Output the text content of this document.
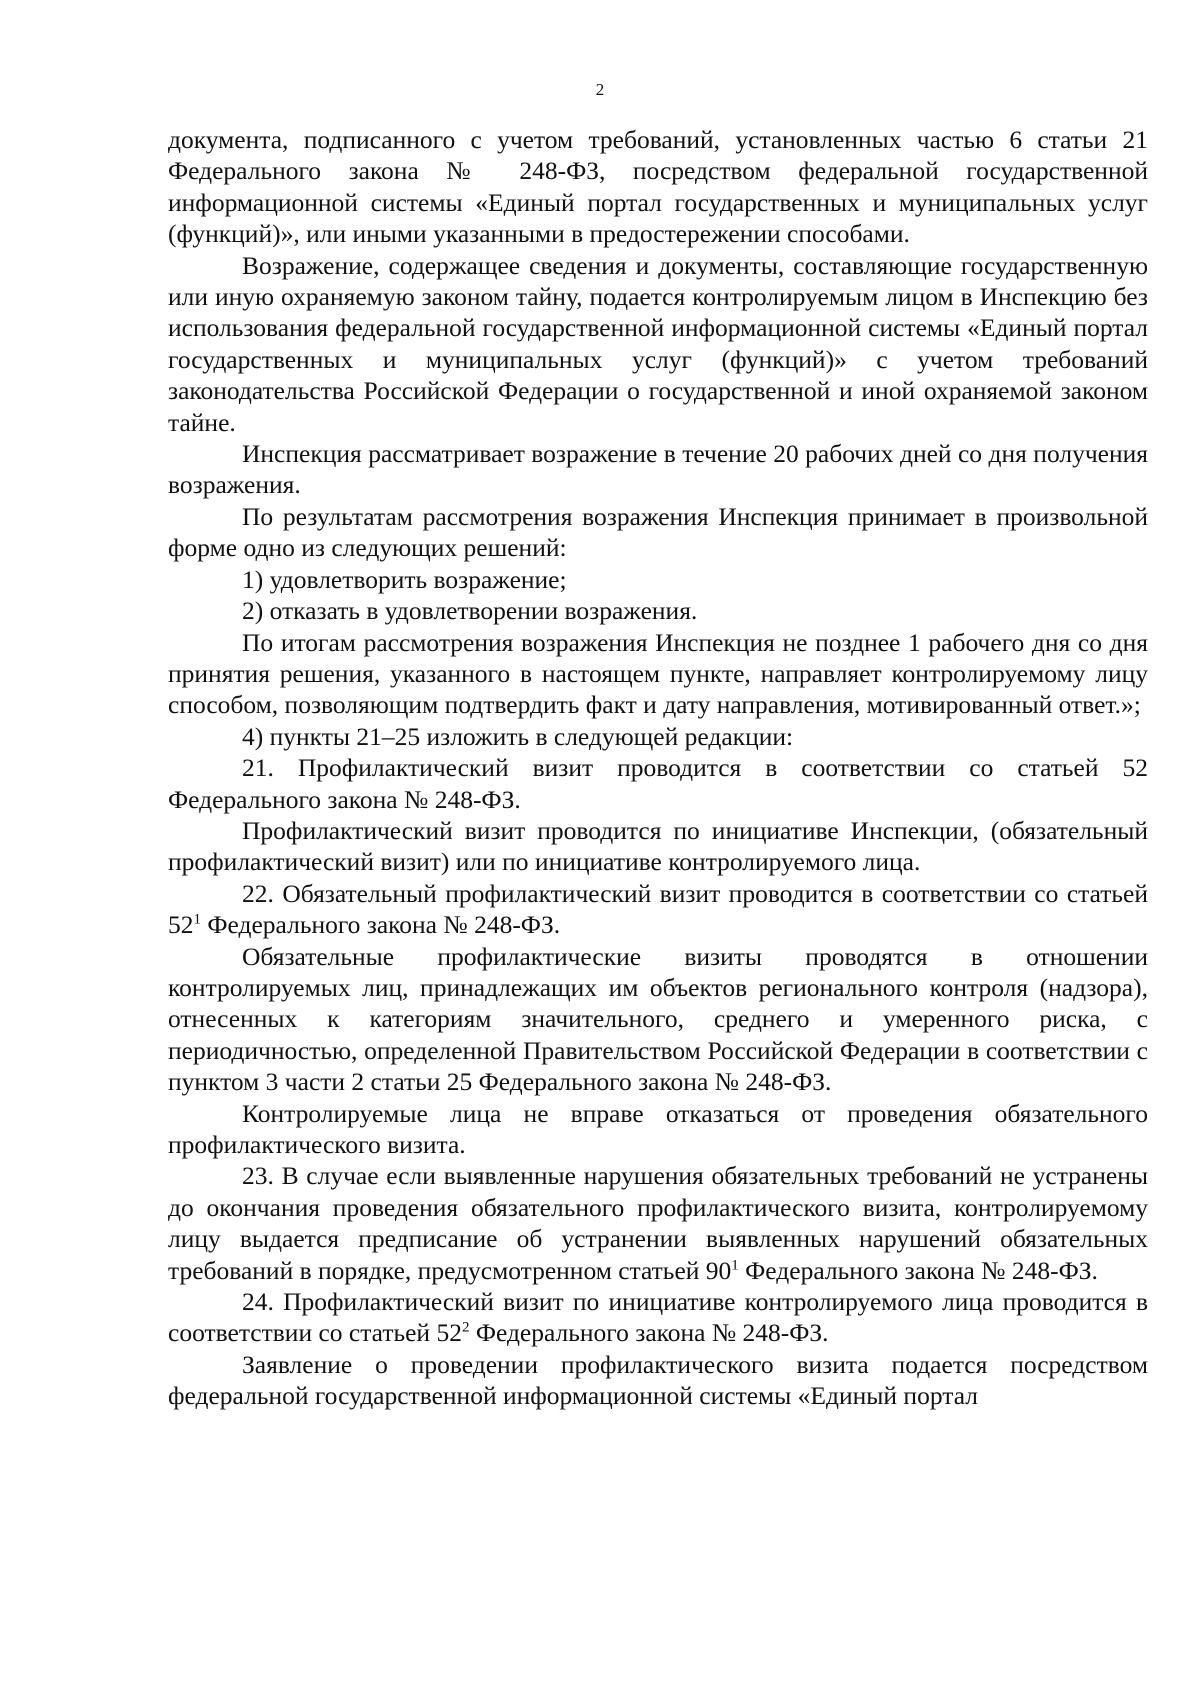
2

документа, подписанного с учетом требований, установленных частью 6 статьи 21 Федерального закона № 248-ФЗ, посредством федеральной государственной информационной системы «Единый портал государственных и муниципальных услуг (функций)», или иными указанными в предостережении способами.

Возражение, содержащее сведения и документы, составляющие государственную или иную охраняемую законом тайну, подается контролируемым лицом в Инспекцию без использования федеральной государственной информационной системы «Единый портал государственных и муниципальных услуг (функций)» с учетом требований законодательства Российской Федерации о государственной и иной охраняемой законом тайне.

Инспекция рассматривает возражение в течение 20 рабочих дней со дня получения возражения.

По результатам рассмотрения возражения Инспекция принимает в произвольной форме одно из следующих решений:

1) удовлетворить возражение;

2) отказать в удовлетворении возражения.

По итогам рассмотрения возражения Инспекция не позднее 1 рабочего дня со дня принятия решения, указанного в настоящем пункте, направляет контролируемому лицу способом, позволяющим подтвердить факт и дату направления, мотивированный ответ.»;

4) пункты 21–25 изложить в следующей редакции:

21. Профилактический визит проводится в соответствии со статьей 52 Федерального закона № 248-ФЗ.

Профилактический визит проводится по инициативе Инспекции, (обязательный профилактический визит) или по инициативе контролируемого лица.

22. Обязательный профилактический визит проводится в соответствии со статьей $52^1$ Федерального закона № 248-ФЗ.

Обязательные профилактические визиты проводятся в отношении контролируемых лиц, принадлежащих им объектов регионального контроля (надзора), отнесенных к категориям значительного, среднего и умеренного риска, с периодичностью, определенной Правительством Российской Федерации в соответствии с пунктом 3 части 2 статьи 25 Федерального закона № 248-ФЗ.

Контролируемые лица не вправе отказаться от проведения обязательного профилактического визита.

23. В случае если выявленные нарушения обязательных требований не устранены до окончания проведения обязательного профилактического визита, контролируемому лицу выдается предписание об устранении выявленных нарушений обязательных требований в порядке, предусмотренном статьей $90^1$ Федерального закона № 248-ФЗ.

24. Профилактический визит по инициативе контролируемого лица проводится в соответствии со статьей $52^2$ Федерального закона № 248-ФЗ.

Заявление о проведении профилактического визита подается посредством федеральной государственной информационной системы «Единый портал
